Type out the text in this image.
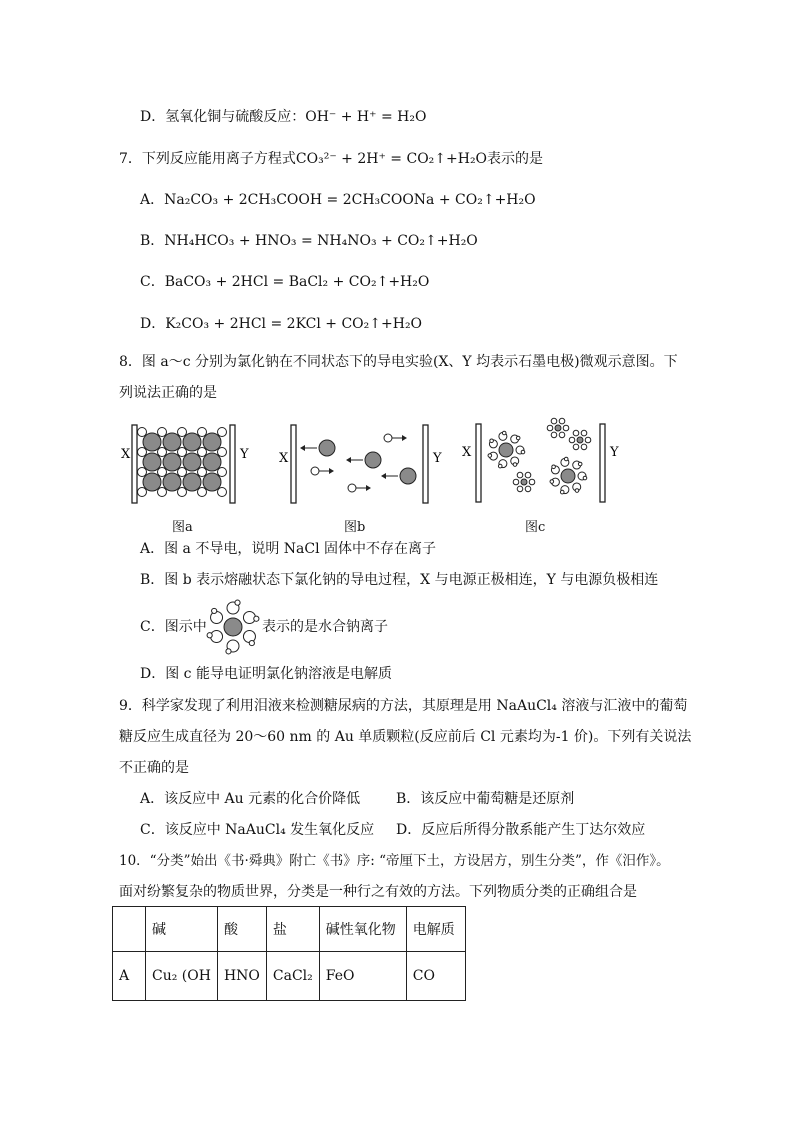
D．氢氧化铜与硫酸反应：OH⁻ + H⁺ = H₂O
7．下列反应能用离子方程式CO₃²⁻ + 2H⁺ = CO₂↑+H₂O表示的是
A．Na₂CO₃ + 2CH₃COOH = 2CH₃COONa + CO₂↑+H₂O
B．NH₄HCO₃ + HNO₃ = NH₄NO₃ + CO₂↑+H₂O
C．BaCO₃ + 2HCl = BaCl₂ + CO₂↑+H₂O
D．K₂CO₃ + 2HCl = 2KCl + CO₂↑+H₂O
8．图 a～c 分别为氯化钠在不同状态下的导电实验(X、Y 均表示石墨电极)微观示意图。下
列说法正确的是
X	Y X	Y X	Y
图a	图b	图c
A．图 a 不导电，说明 NaCl 固体中不存在离子
B．图 b 表示熔融状态下氯化钠的导电过程，X 与电源正极相连，Y 与电源负极相连
C．图示中	表示的是水合钠离子
D．图 c 能导电证明氯化钠溶液是电解质
9．科学家发现了利用泪液来检测糖尿病的方法，其原理是用 NaAuCl₄ 溶液与汇液中的葡萄
糖反应生成直径为 20～60 nm 的 Au 单质颗粒(反应前后 Cl 元素均为-1 价)。下列有关说法
不正确的是
A．该反应中 Au 元素的化合价降低	B．该反应中葡萄糖是还原剂
C．该反应中 NaAuCl₄ 发生氧化反应 D．反应后所得分散系能产生丁达尔效应
10．“分类”始出《书·舜典》附亡《书》序: “帝厘下土，方设居方，别生分类”，作《汨作》。
面对纷繁复杂的物质世界，分类是一种行之有效的方法。下列物质分类的正确组合是
	碱	酸	盐	碱性氧化物	电解质
A	Cu₂ (OH	HNO	CaCl₂	FeO	CO
